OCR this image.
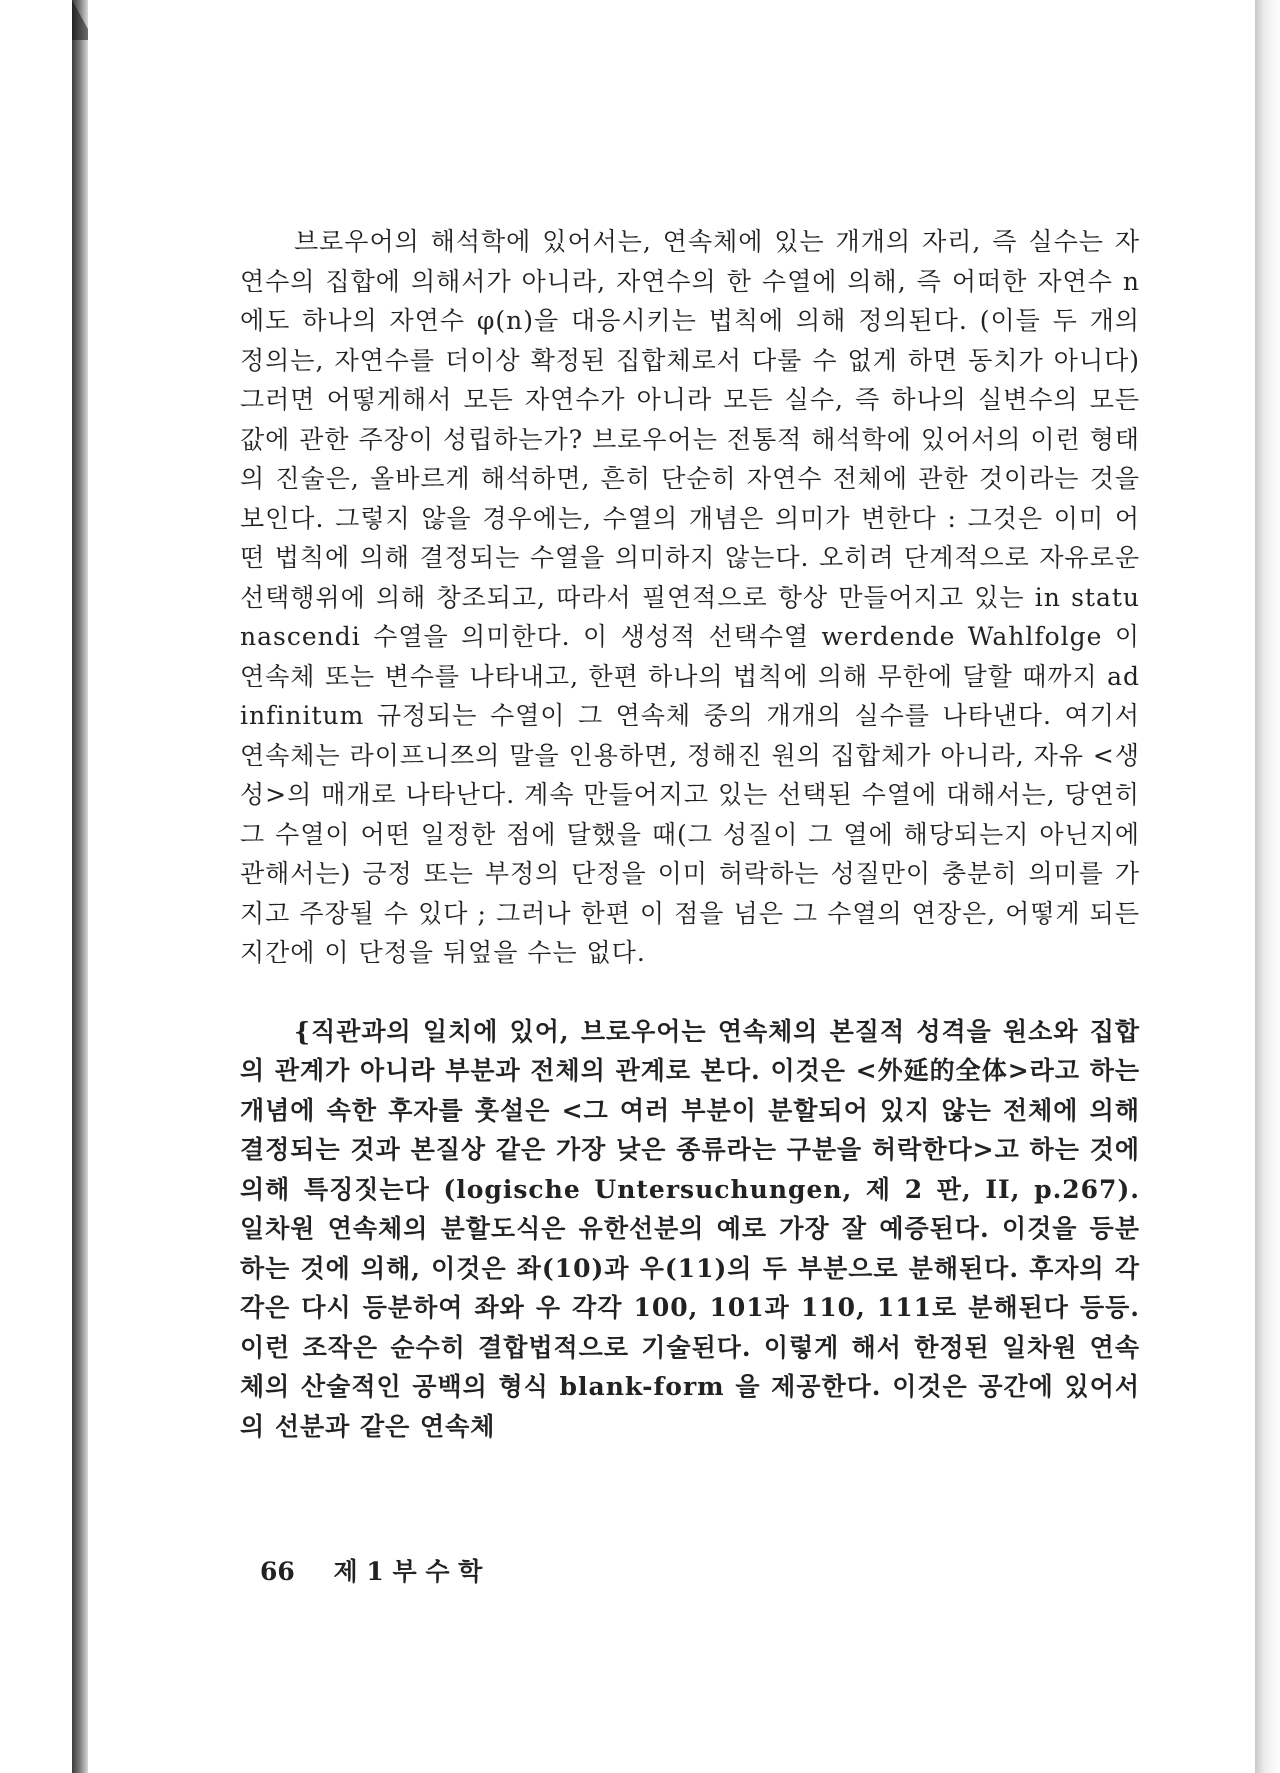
브로우어의 해석학에 있어서는, 연속체에 있는 개개의 자리, 즉 실수는 자연수의 집합에 의해서가 아니라, 자연수의 한 수열에 의해, 즉 어떠한 자연수 n에도 하나의 자연수 φ(n)을 대응시키는 법칙에 의해 정의된다. (이들 두 개의 정의는, 자연수를 더이상 확정된 집합체로서 다룰 수 없게 하면 동치가 아니다) 그러면 어떻게해서 모든 자연수가 아니라 모든 실수, 즉 하나의 실변수의 모든 값에 관한 주장이 성립하는가? 브로우어는 전통적 해석학에 있어서의 이런 형태의 진술은, 올바르게 해석하면, 흔히 단순히 자연수 전체에 관한 것이라는 것을 보인다. 그렇지 않을 경우에는, 수열의 개념은 의미가 변한다 : 그것은 이미 어떤 법칙에 의해 결정되는 수열을 의미하지 않는다. 오히려 단계적으로 자유로운 선택행위에 의해 창조되고, 따라서 필연적으로 항상 만들어지고 있는 in statu nascendi 수열을 의미한다. 이 생성적 선택수열 werdende Wahlfolge 이 연속체 또는 변수를 나타내고, 한편 하나의 법칙에 의해 무한에 달할 때까지 ad infinitum 규정되는 수열이 그 연속체 중의 개개의 실수를 나타낸다. 여기서 연속체는 라이프니쯔의 말을 인용하면, 정해진 원의 집합체가 아니라, 자유 <생성>의 매개로 나타난다. 계속 만들어지고 있는 선택된 수열에 대해서는, 당연히 그 수열이 어떤 일정한 점에 달했을 때(그 성질이 그 열에 해당되는지 아닌지에 관해서는) 긍정 또는 부정의 단정을 이미 허락하는 성질만이 충분히 의미를 가지고 주장될 수 있다 ; 그러나 한편 이 점을 넘은 그 수열의 연장은, 어떻게 되든지간에 이 단정을 뒤엎을 수는 없다.

{직관과의 일치에 있어, 브로우어는 연속체의 본질적 성격을 원소와 집합의 관계가 아니라 부분과 전체의 관계로 본다. 이것은 <外延的全体>라고 하는 개념에 속한 후자를 훗설은 <그 여러 부분이 분할되어 있지 않는 전체에 의해 결정되는 것과 본질상 같은 가장 낮은 종류라는 구분을 허락한다>고 하는 것에 의해 특징짓는다 (logische Untersuchungen, 제 2 판, II, p.267). 일차원 연속체의 분할도식은 유한선분의 예로 가장 잘 예증된다. 이것을 등분하는 것에 의해, 이것은 좌(10)과 우(11)의 두 부분으로 분해된다. 후자의 각각은 다시 등분하여 좌와 우 각각 100, 101과 110, 111로 분해된다 등등. 이런 조작은 순수히 결합법적으로 기술된다. 이렇게 해서 한정된 일차원 연속체의 산술적인 공백의 형식 blank-form 을 제공한다. 이것은 공간에 있어서의 선분과 같은 연속체

66 제 1 부 수 학
